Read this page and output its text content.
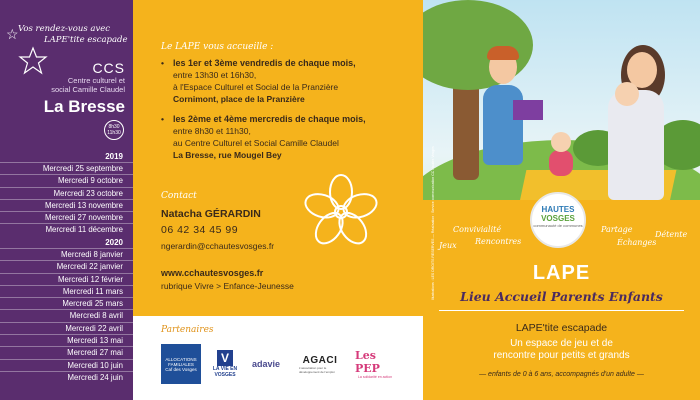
☆ Vos rendez-vous avec
LAPE'tite escapade
CCS
Centre culturel et
social Camille Claudel
La Bresse
8h30
11h30
2019
Mercredi 25 septembre
Mercredi 9 octobre
Mercredi 23 octobre
Mercredi 13 novembre
Mercredi 27 novembre
Mercredi 11 décembre
2020
Mercredi 8 janvier
Mercredi 22 janvier
Mercredi 12 février
Mercredi 11 mars
Mercredi 25 mars
Mercredi 8 avril
Mercredi 22 avril
Mercredi 13 mai
Mercredi 27 mai
Mercredi 10 juin
Mercredi 24 juin
Le LAPE vous accueille :
•	les 1er et 3ème vendredis de chaque mois,
entre 13h30 et 16h30,
à l'Espace Culturel et Social de la Pranzière
Cornimont, place de la Pranzière
•	les 2ème et 4ème mercredis de chaque mois,
entre 8h30 et 11h30,
au Centre Culturel et Social Camille Claudel
La Bresse, rue Mougel Bey
Contact
Natacha GÉRARDIN
06 42 34 45 99
ngerardin@cchautesvosges.fr
www.cchautesvosges.fr
rubrique Vivre > Enfance-Jeunesse
Partenaires
ALLOCATIONS FAMILIALES
Caf des Vosges
V
LA VIE EN VOSGES
adavie AGACI
L'association pour le développement de l'emploi
Les PEP
La solidarité en action
HAUTES
VOSGES
communauté de communes
Convivialité
Jeux Rencontres
Partage
Échanges
Détente
LAPE
Lieu Accueil Parents Enfants
LAPE'tite escapade
Un espace de jeu et de
rencontre pour petits et grands
— enfants de 0 à 6 ans, accompagnés d'un adulte —
Illustrations : LES DROITS RESERVES — Réalisation : Service communication CC Hautes Vosges
